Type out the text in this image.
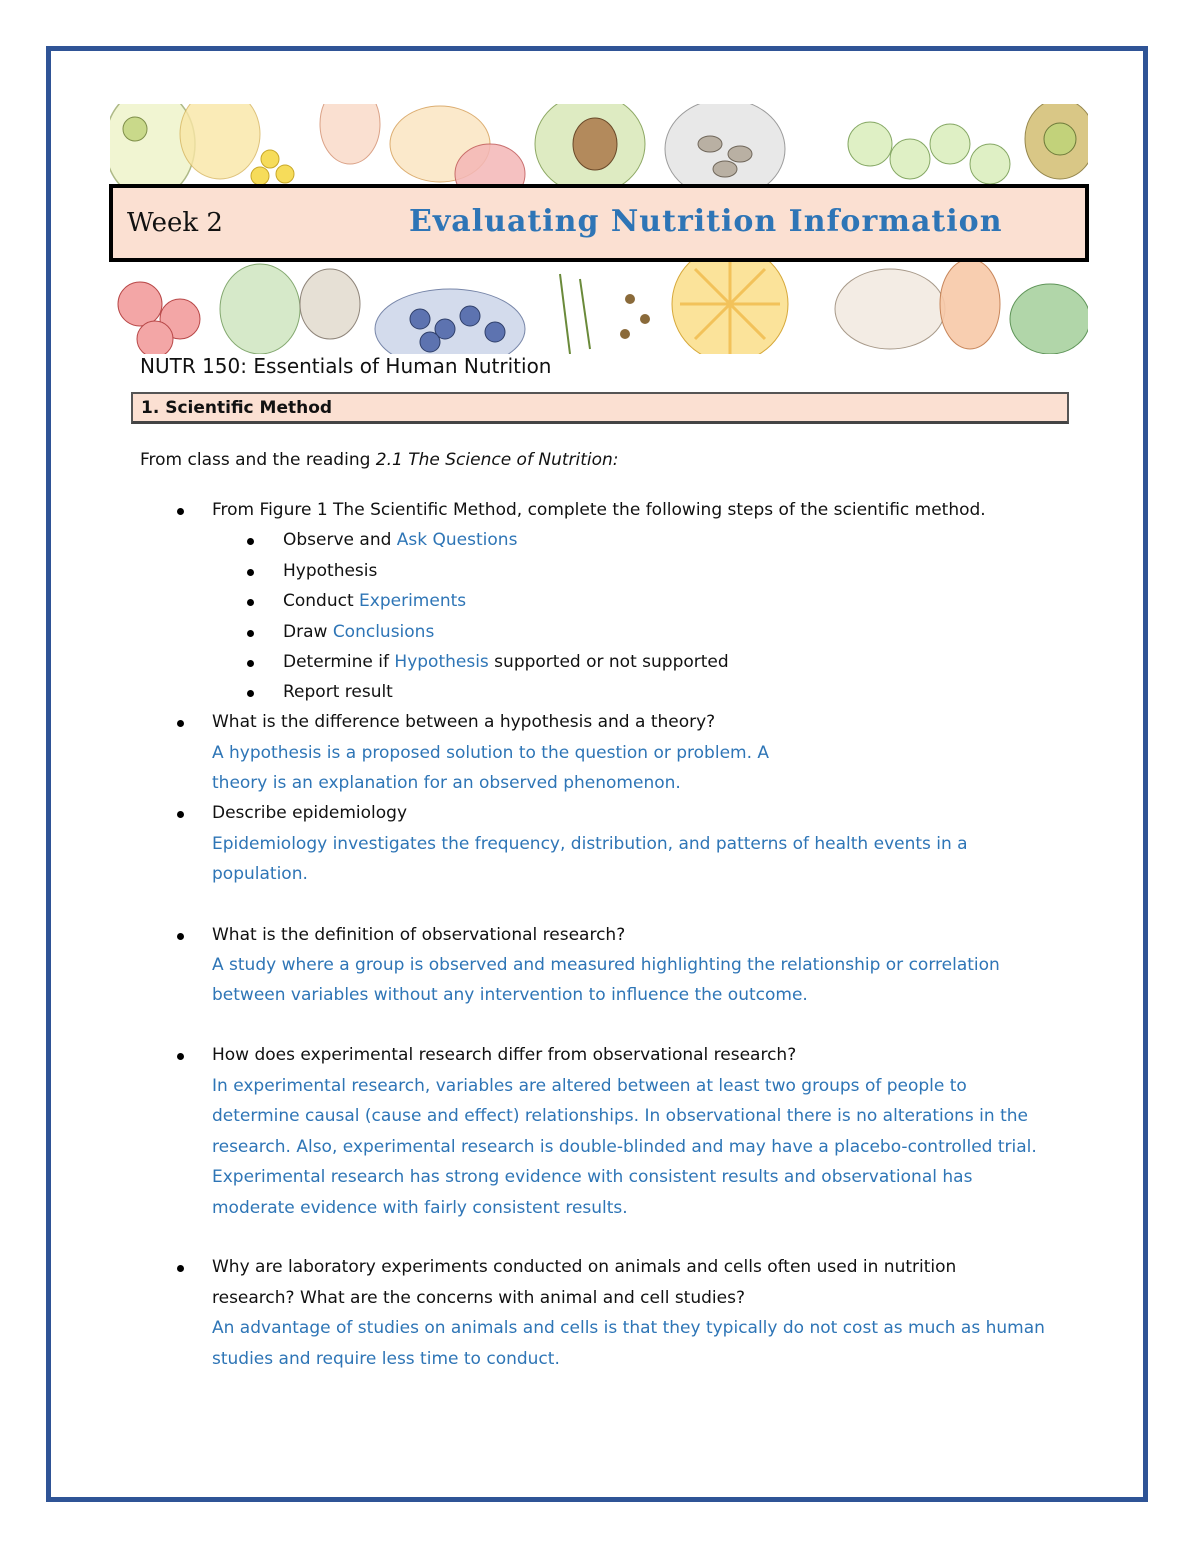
Week 2	Evaluating Nutrition Information
NUTR 150: Essentials of Human Nutrition
1. Scientific Method
From class and the reading 2.1 The Science of Nutrition:
From Figure 1 The Scientific Method, complete the following steps of the scientific method.
Observe and Ask Questions
Hypothesis
Conduct Experiments
Draw Conclusions
Determine if Hypothesis supported or not supported
Report result
What is the difference between a hypothesis and a theory?
A hypothesis is a proposed solution to the question or problem. A
theory is an explanation for an observed phenomenon.
Describe epidemiology
Epidemiology investigates the frequency, distribution, and patterns of health events in a
population.
What is the definition of observational research?
A study where a group is observed and measured highlighting the relationship or correlation
between variables without any intervention to influence the outcome.
How does experimental research differ from observational research?
In experimental research, variables are altered between at least two groups of people to
determine causal (cause and effect) relationships. In observational there is no alterations in the
research. Also, experimental research is double-blinded and may have a placebo-controlled trial.
Experimental research has strong evidence with consistent results and observational has
moderate evidence with fairly consistent results.
Why are laboratory experiments conducted on animals and cells often used in nutrition
research? What are the concerns with animal and cell studies?
An advantage of studies on animals and cells is that they typically do not cost as much as human
studies and require less time to conduct.
